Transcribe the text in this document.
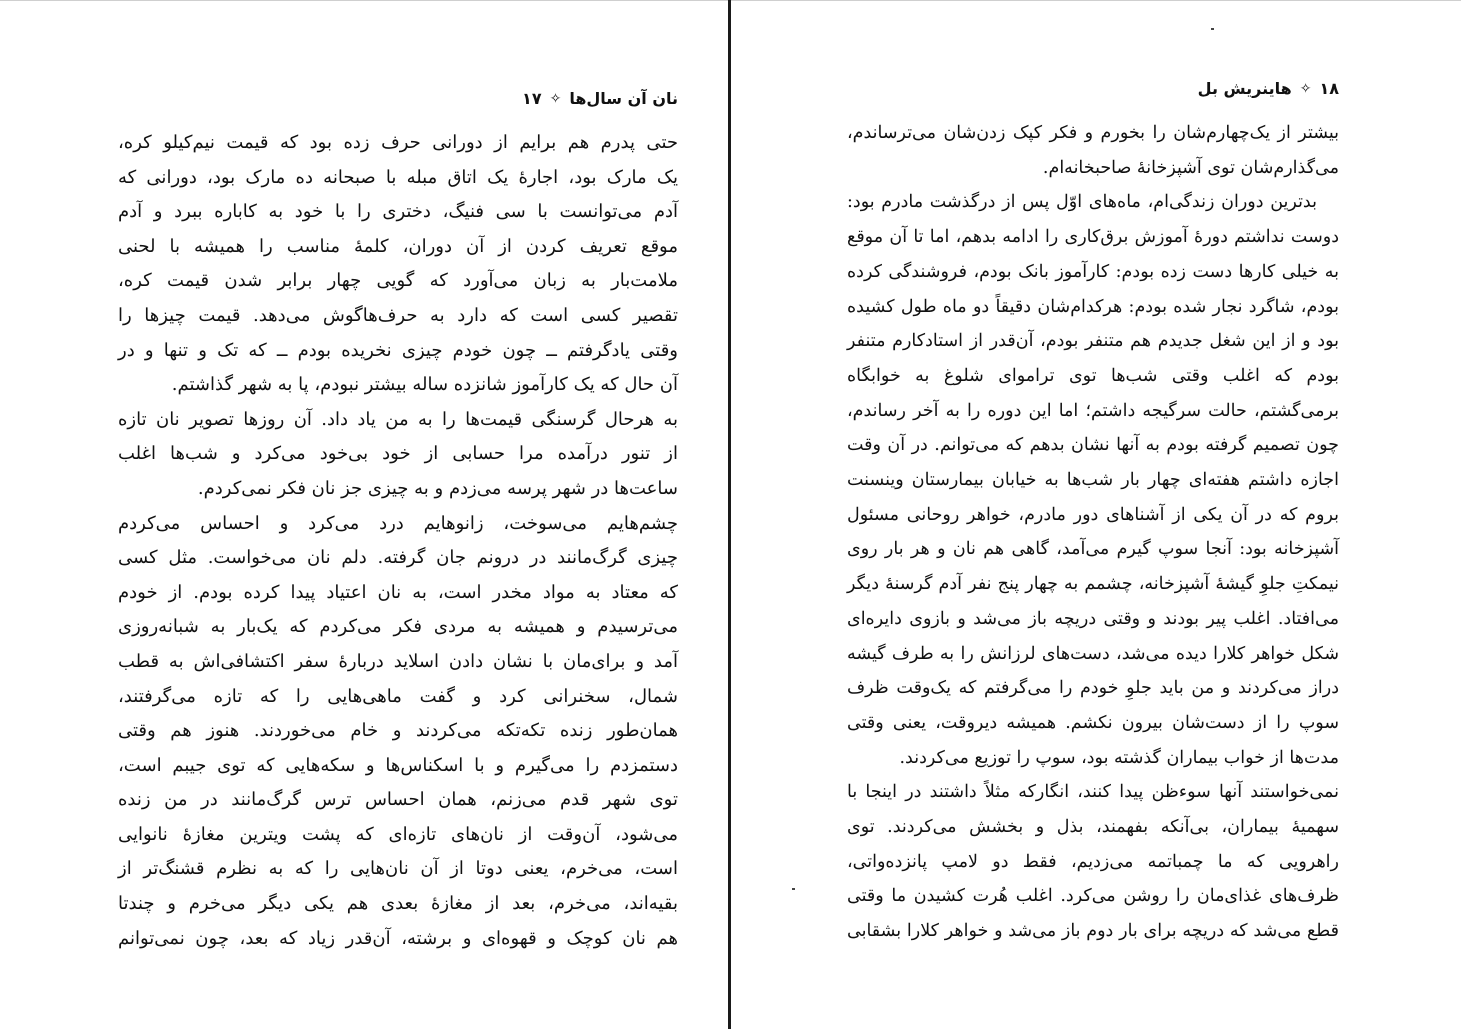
نان آن سال‌ها
✧
۱۷
حتی پدرم هم برایم از دورانی حرف زده بود که قیمت نیم‌کیلو کره،
یک مارک بود، اجارهٔ یک اتاق مبله با صبحانه ده مارک بود، دورانی که
آدم می‌توانست با سی فنیگ، دختری را با خود به کاباره ببرد و آدم
موقع تعریف کردن از آن دوران، کلمهٔ مناسب را همیشه با لحنی
ملامت‌بار به زبان می‌آورد که گویی چهار برابر شدن قیمت کره،
تقصیر کسی است که دارد به حرف‌هاگوش می‌دهد. قیمت چیزها را
وقتی یادگرفتم ــ چون خودم چیزی نخریده بودم ــ که تک و تنها و در
آن حال که یک کارآموز شانزده ساله بیشتر نبودم، پا به شهر گذاشتم.
به هرحال گرسنگی قیمت‌ها را به من یاد داد. آن روزها تصویر نان تازه
از تنور درآمده مرا حسابی از خود بی‌خود می‌کرد و شب‌ها اغلب
ساعت‌ها در شهر پرسه می‌زدم و به چیزی جز نان فکر نمی‌کردم.
چشم‌هایم می‌سوخت، زانوهایم درد می‌کرد و احساس می‌کردم
چیزی گرگ‌مانند در درونم جان گرفته. دلم نان می‌خواست. مثل کسی
که معتاد به مواد مخدر است، به نان اعتیاد پیدا کرده بودم. از خودم
می‌ترسیدم و همیشه به مردی فکر می‌کردم که یک‌بار به شبانه‌روزی
آمد و برای‌مان با نشان دادن اسلاید دربارهٔ سفر اکتشافی‌اش به قطب
شمال، سخنرانی کرد و گفت ماهی‌هایی را که تازه می‌گرفتند،
همان‌طور زنده تکه‌تکه می‌کردند و خام می‌خوردند. هنوز هم وقتی
دستمزدم را می‌گیرم و با اسکناس‌ها و سکه‌هایی که توی جیبم است،
توی شهر قدم می‌زنم، همان احساس ترس گرگ‌مانند در من زنده
می‌شود، آن‌وقت از نان‌های تازه‌ای که پشت ویترین مغازهٔ نانوایی
است، می‌خرم، یعنی دوتا از آن نان‌هایی را که به نظرم قشنگ‌تر از
بقیه‌اند، می‌خرم، بعد از مغازهٔ بعدی هم یکی دیگر می‌خرم و چندتا
هم نان کوچک و قهوه‌ای و برشته، آن‌قدر زیاد که بعد، چون نمی‌توانم
۱۸
✧
هاینریش بل
بیشتر از یک‌چهارم‌شان را بخورم و فکر کپک زدن‌شان می‌ترساندم،
می‌گذارم‌شان توی آشپزخانهٔ صاحبخانه‌ام.
بدترین دوران زندگی‌ام، ماه‌های اوّل پس از درگذشت مادرم بود:
دوست نداشتم دورهٔ آموزش برق‌کاری را ادامه بدهم، اما تا آن موقع
به خیلی کارها دست زده بودم: کارآموز بانک بودم، فروشندگی کرده
بودم، شاگرد نجار شده بودم: هرکدام‌شان دقیقاً دو ماه طول کشیده
بود و از این شغل جدیدم هم متنفر بودم، آن‌قدر از استادکارم متنفر
بودم که اغلب وقتی شب‌ها توی تراموای شلوغ به خوابگاه
برمی‌گشتم، حالت سرگیجه داشتم؛ اما این دوره را به آخر رساندم،
چون تصمیم گرفته بودم به آنها نشان بدهم که می‌توانم. در آن وقت
اجازه داشتم هفته‌ای چهار بار شب‌ها به خیابان بیمارستان وینسنت
بروم که در آن یکی از آشناهای دور مادرم، خواهر روحانی مسئول
آشپزخانه بود: آنجا سوپ گیرم می‌آمد، گاهی هم نان و هر بار روی
نیمکتِ جلوِ گیشهٔ آشپزخانه، چشمم به چهار پنج نفر آدم گرسنهٔ دیگر
می‌افتاد. اغلب پیر بودند و وقتی دریچه باز می‌شد و بازوی دایره‌ای
شکل خواهر کلارا دیده می‌شد، دست‌های لرزانش را به طرف گیشه
دراز می‌کردند و من باید جلوِ خودم را می‌گرفتم که یک‌وقت ظرف
سوپ را از دست‌شان بیرون نکشم. همیشه دیروقت، یعنی وقتی
مدت‌ها از خواب بیماران گذشته بود، سوپ را توزیع می‌کردند.
نمی‌خواستند آنها سوءظن پیدا کنند، انگارکه مثلاً داشتند در اینجا با
سهمیهٔ بیماران، بی‌آنکه بفهمند، بذل و بخشش می‌کردند. توی
راهرویی که ما چمباتمه می‌زدیم، فقط دو لامپ پانزده‌واتی،
ظرف‌های غذای‌مان را روشن می‌کرد. اغلب هُرت کشیدن ما وقتی
قطع می‌شد که دریچه برای بار دوم باز می‌شد و خواهر کلارا بشقابی
